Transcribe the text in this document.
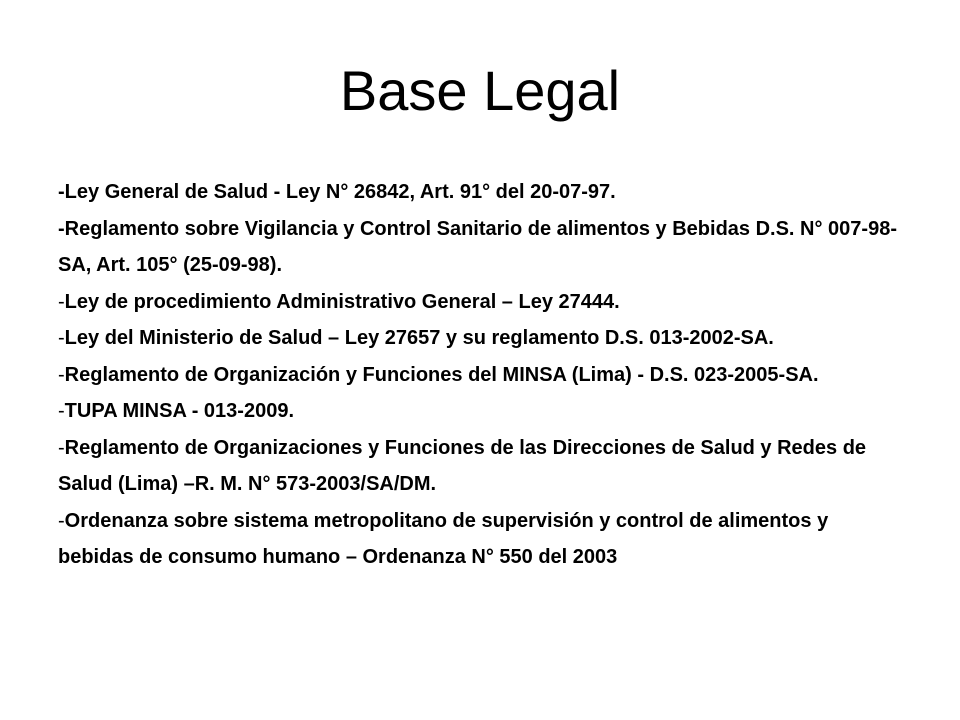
Base Legal
-Ley General de Salud - Ley N° 26842, Art. 91° del 20-07-97.
-Reglamento sobre Vigilancia y Control Sanitario de alimentos y Bebidas D.S. N° 007-98-SA, Art. 105° (25-09-98).
-Ley de procedimiento Administrativo General – Ley 27444.
-Ley del Ministerio de Salud – Ley 27657 y su reglamento D.S. 013-2002-SA.
-Reglamento de Organización y Funciones del MINSA (Lima) - D.S. 023-2005-SA.
-TUPA MINSA - 013-2009.
-Reglamento de Organizaciones y Funciones de las Direcciones de Salud y Redes de Salud (Lima) –R. M. N° 573-2003/SA/DM.
-Ordenanza sobre sistema metropolitano de supervisión y control de alimentos y bebidas de consumo humano – Ordenanza N° 550 del 2003
